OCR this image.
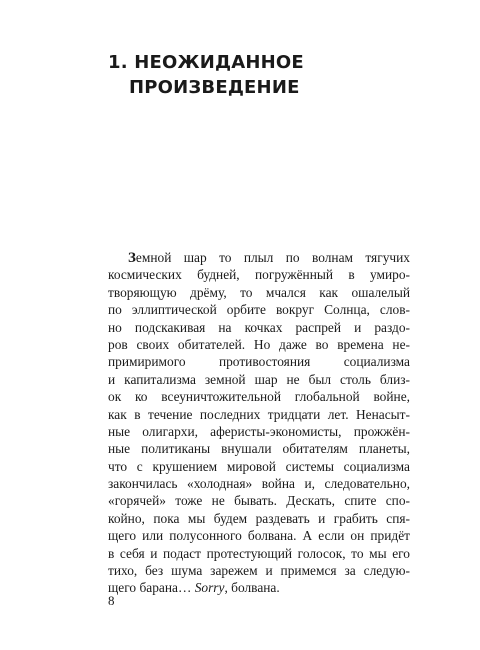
1. НЕОЖИДАННОЕ
ПРОИЗВЕДЕНИЕ
Земной шар то плыл по волнам тягучих
космических будней, погружённый в умиро-
творяющую дрёму, то мчался как ошалелый
по эллиптической орбите вокруг Солнца, слов-
но подскакивая на кочках распрей и раздо-
ров своих обитателей. Но даже во времена не-
примиримого противостояния социализма
и капитализма земной шар не был столь близ-
ок ко всеуничтожительной глобальной войне,
как в течение последних тридцати лет. Ненасыт-
ные олигархи, аферисты-экономисты, прожжён-
ные политиканы внушали обитателям планеты,
что с крушением мировой системы социализма
закончилась «холодная» война и, следовательно,
«горячей» тоже не бывать. Дескать, спите спо-
койно, пока мы будем раздевать и грабить спя-
щего или полусонного болвана. А если он придёт
в себя и подаст протестующий голосок, то мы его
тихо, без шума зарежем и примемся за следую-
щего барана… Sorry, болвана.
8
